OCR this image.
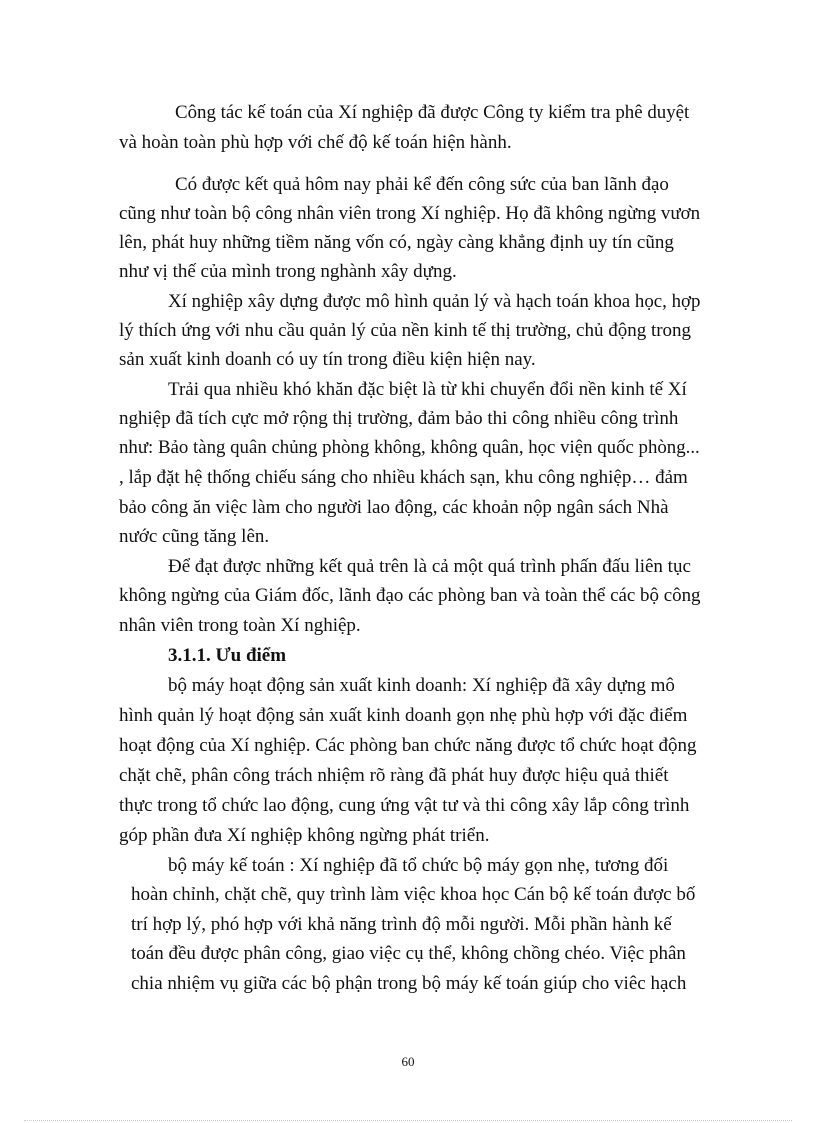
Công tác kế toán của Xí nghiệp đã được Công ty kiểm tra phê duyệt
và hoàn toàn phù hợp với chế độ kế toán hiện hành.
Có được kết quả hôm nay phải kể đến công sức của ban lãnh đạo
cũng như toàn bộ công nhân viên trong Xí nghiệp. Họ đã không ngừng vươn
lên, phát huy những tiềm năng vốn có, ngày càng khẳng định uy tín cũng
như vị thế của mình trong nghành xây dựng.
Xí nghiệp xây dựng được mô hình quản lý và hạch toán khoa học, hợp
lý thích ứng với nhu cầu quản lý của nền kinh tế thị trường, chủ động trong
sản xuất kinh doanh có uy tín trong điều kiện hiện nay.
Trải qua nhiều khó khăn đặc biệt là từ khi chuyển đổi nền kinh tế Xí
nghiệp đã tích cực mở rộng thị trường, đảm bảo thi công nhiều công trình
như: Bảo tàng quân chủng phòng không, không quân, học viện quốc phòng...
, lắp đặt hệ thống chiếu sáng cho nhiều khách sạn, khu công nghiệp… đảm
bảo công ăn việc làm cho người lao động, các khoản nộp ngân sách Nhà
nước cũng tăng lên.
Để đạt được những kết quả trên là cả một quá trình phấn đấu liên tục
không ngừng của Giám đốc, lãnh đạo các phòng ban và toàn thể các bộ công
nhân viên trong toàn Xí nghiệp.
3.1.1. Ưu điểm
bộ máy hoạt động sản xuất kinh doanh: Xí nghiệp đã xây dựng mô
hình quản lý hoạt động sản xuất kinh doanh gọn nhẹ phù hợp với đặc điểm
hoạt động của Xí nghiệp. Các phòng ban chức năng được tổ chức hoạt động
chặt chẽ, phân công trách nhiệm rõ ràng đã phát huy được hiệu quả thiết
thực trong tổ chức lao động, cung ứng vật tư và thi công xây lắp công trình
góp phần đưa Xí nghiệp không ngừng phát triển.
bộ máy kế toán : Xí nghiệp đã tổ chức bộ máy gọn nhẹ, tương đối
hoàn chỉnh, chặt chẽ, quy trình làm việc khoa học Cán bộ kế toán được bố
trí hợp lý, phó hợp với khả năng trình độ mỗi người. Mỗi phần hành kế
toán đều được phân công, giao việc cụ thể, không chồng chéo. Việc phân
chia nhiệm vụ giữa các bộ phận trong bộ máy kế toán giúp cho viêc hạch
60
